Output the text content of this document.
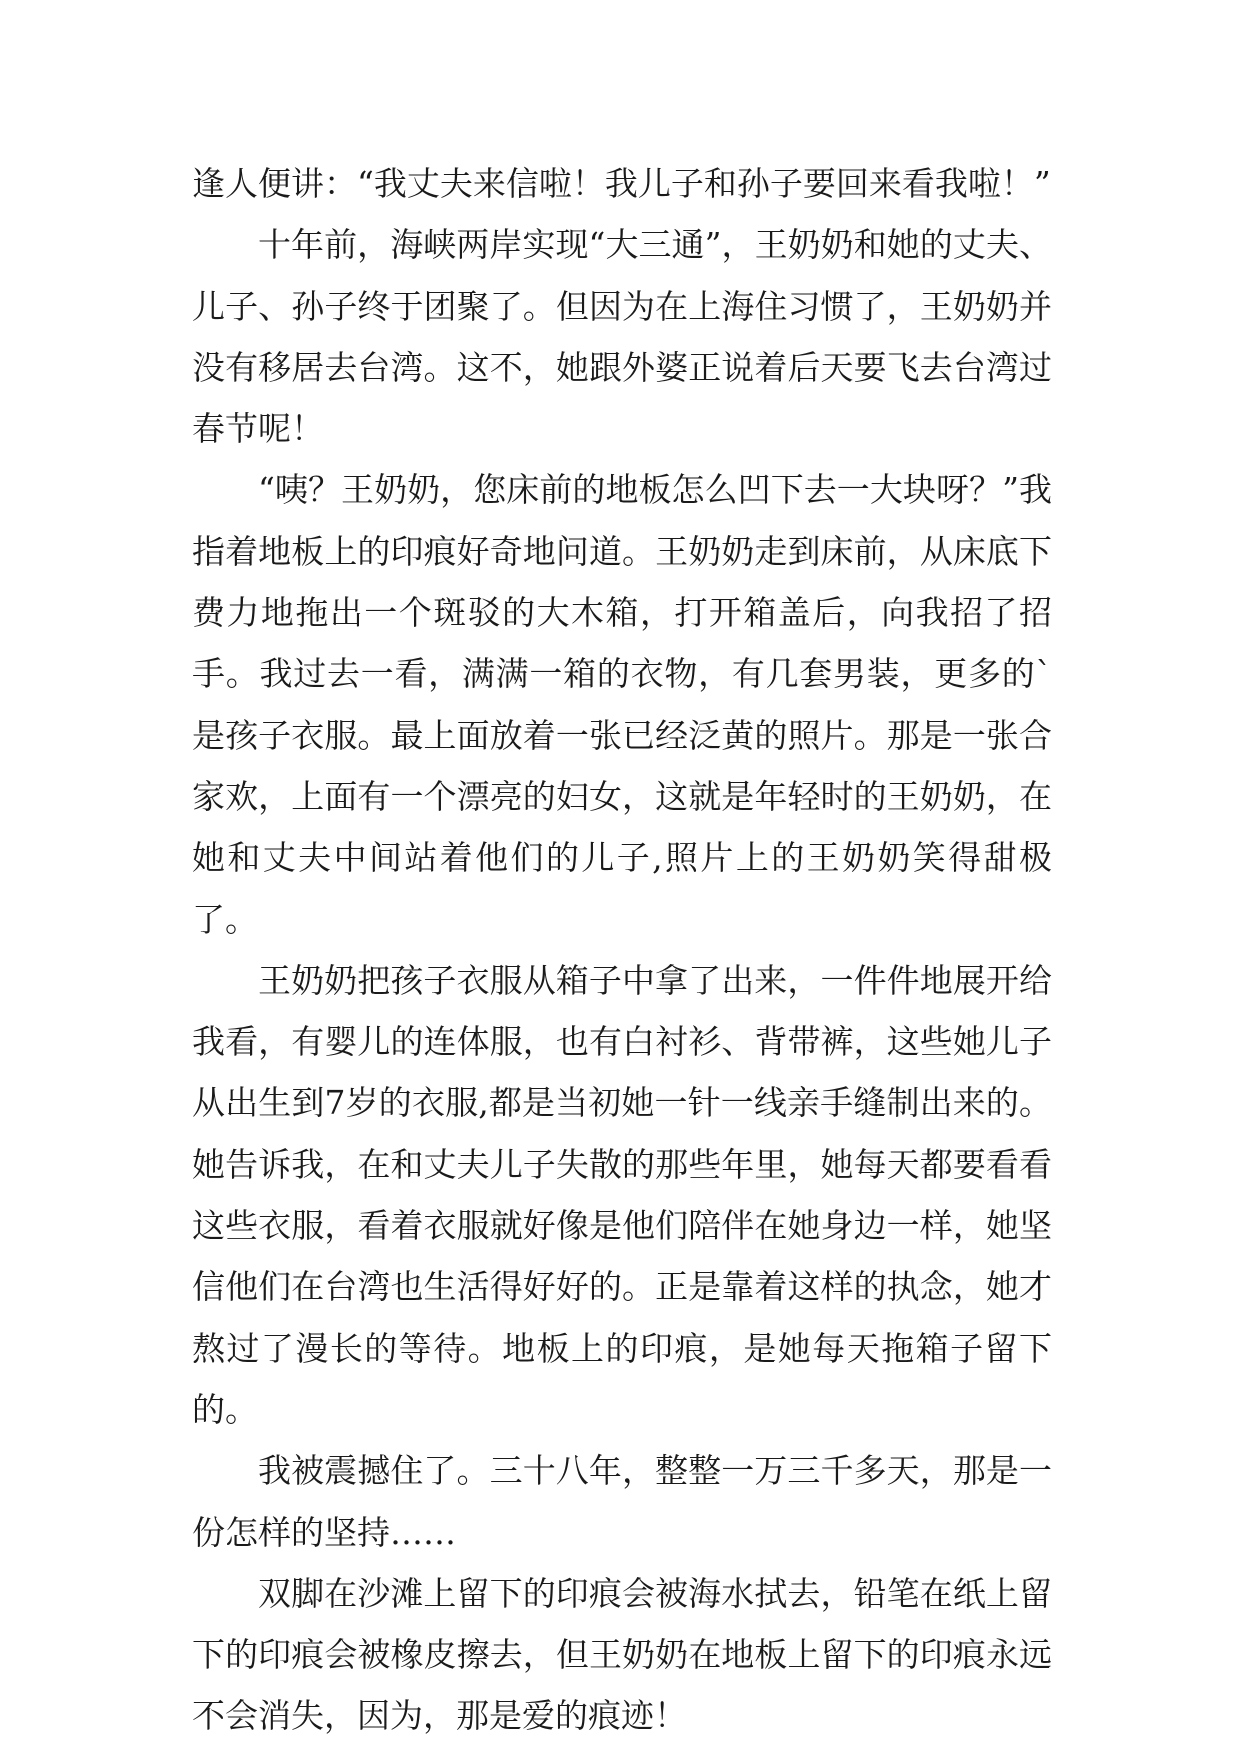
逢人便讲：“我丈夫来信啦！我儿子和孙子要回来看我啦！”

十年前，海峡两岸实现“大三通”，王奶奶和她的丈夫、儿子、孙子终于团聚了。但因为在上海住习惯了，王奶奶并没有移居去台湾。这不，她跟外婆正说着后天要飞去台湾过春节呢！

“咦？王奶奶，您床前的地板怎么凹下去一大块呀？”我指着地板上的印痕好奇地问道。王奶奶走到床前，从床底下费力地拖出一个斑驳的大木箱，打开箱盖后，向我招了招手。我过去一看，满满一箱的衣物，有几套男装，更多的`是孩子衣服。最上面放着一张已经泛黄的照片。那是一张合家欢，上面有一个漂亮的妇女，这就是年轻时的王奶奶，在她和丈夫中间站着他们的儿子,照片上的王奶奶笑得甜极了。

王奶奶把孩子衣服从箱子中拿了出来，一件件地展开给我看，有婴儿的连体服，也有白衬衫、背带裤，这些她儿子从出生到7岁的衣服,都是当初她一针一线亲手缝制出来的。她告诉我，在和丈夫儿子失散的那些年里，她每天都要看看这些衣服，看着衣服就好像是他们陪伴在她身边一样，她坚信他们在台湾也生活得好好的。正是靠着这样的执念，她才熬过了漫长的等待。地板上的印痕，是她每天拖箱子留下的。

我被震撼住了。三十八年，整整一万三千多天，那是一份怎样的坚持……

双脚在沙滩上留下的印痕会被海水拭去，铅笔在纸上留下的印痕会被橡皮擦去，但王奶奶在地板上留下的印痕永远不会消失，因为，那是爱的痕迹！
